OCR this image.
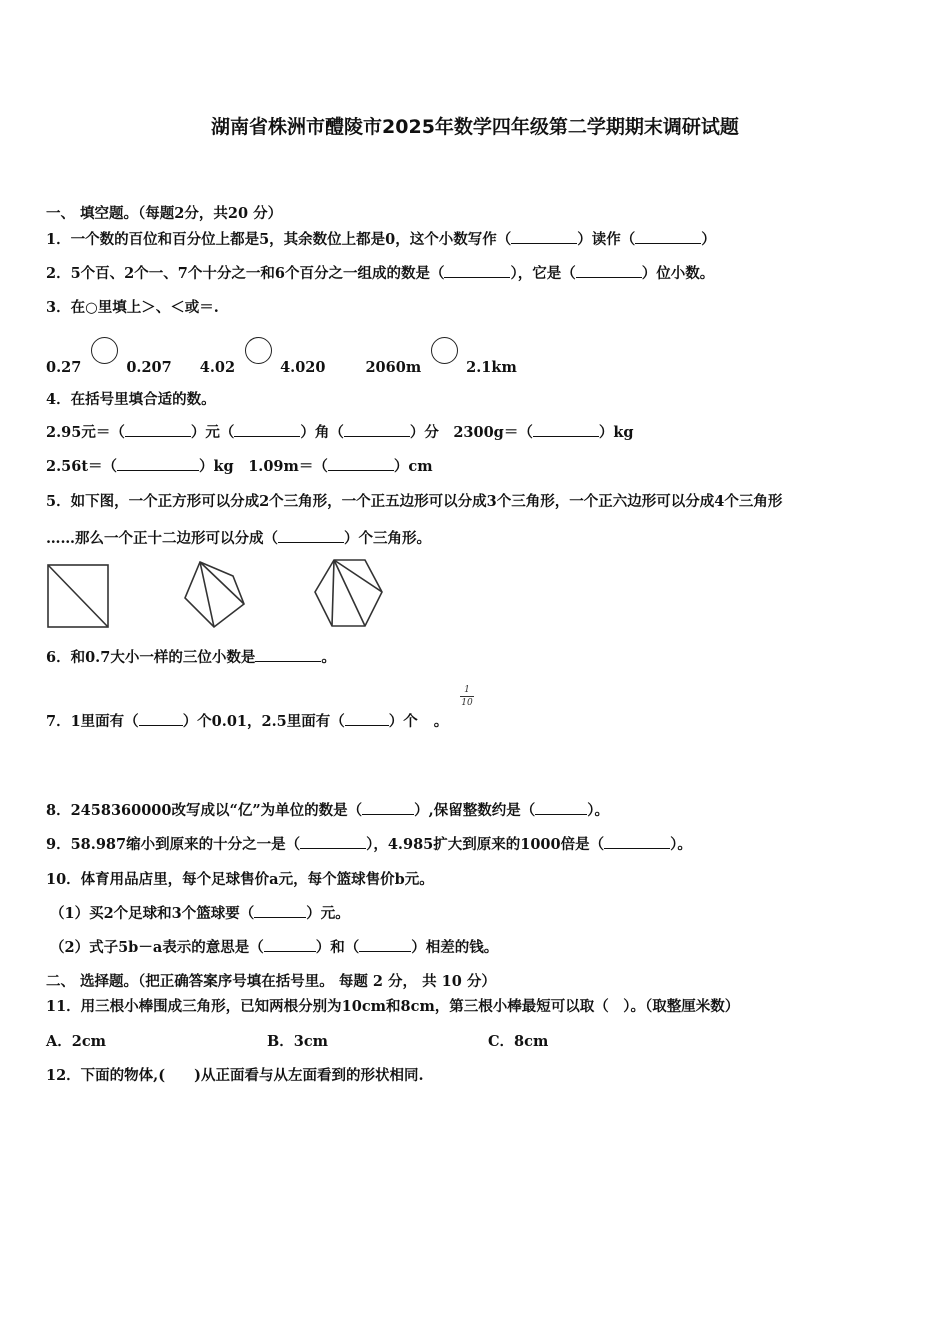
湖南省株洲市醴陵市2025年数学四年级第二学期期末调研试题
一、 填空题。（每题2分，共20 分）
1．一个数的百位和百分位上都是5，其余数位上都是0，这个小数写作（	）读作（	）
2．5个百、2个一、7个十分之一和6个百分之一组成的数是（	），它是（	）位小数。
3．在○里填上＞、＜或＝.
0.27	0.207 4.02	4.020	2060m	2.1km
4．在括号里填合适的数。
2.95元＝（	）元（	）角（	）分　2300g＝（	）kg
2.56t＝（	）kg　1.09m＝（	）cm
5．如下图，一个正方形可以分成2个三角形，一个正五边形可以分成3个三角形，一个正六边形可以分成4个三角形
……那么一个正十二边形可以分成（	）个三角形。
6．和0.7大小一样的三位小数是	。
7．1里面有（	）个0.01，2.5里面有（	）个 。
1
10
8．2458360000改写成以“亿”为单位的数是（	）,保留整数约是（	）。
9．58.987缩小到原来的十分之一是（	），4.985扩大到原来的1000倍是（	）。
10．体育用品店里，每个足球售价a元，每个篮球售价b元。
（1）买2个足球和3个篮球要（	）元。
（2）式子5b－a表示的意思是（	）和（	）相差的钱。
二、 选择题。（把正确答案序号填在括号里。 每题 2 分， 共 10 分）
11．用三根小棒围成三角形，已知两根分别为10cm和8cm，第三根小棒最短可以取（　）。（取整厘米数）
A．2cm	B．3cm	C．8cm
12．下面的物体,(　　)从正面看与从左面看到的形状相同.
